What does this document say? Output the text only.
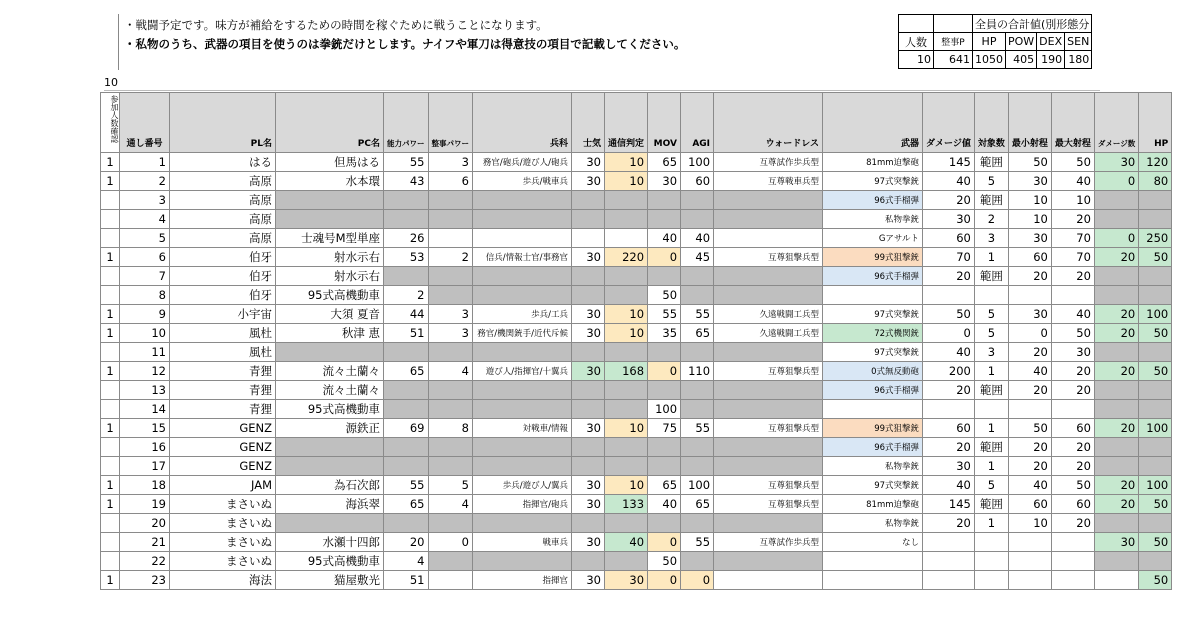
・戦闘予定です。味方が補給をするための時間を稼ぐために戦うことになります。
・私物のうち、武器の項目を使うのは拳銃だけとします。ナイフや軍刀は得意技の項目で記載してください。
		全員の合計値(別形態分			
人数	整事P	HP	POW	DEX	SEN
10	641	1050	405	190	180
10
参加人数確認	通し番号	PL名	PC名	能力パワー	整事パワー	兵科	士気	通信判定	MOV	AGI	ウォードレス	武器	ダメージ値	対象数	最小射程	最大射程	ダメージ数	HP
1	1	はる	但馬はる	55	3	務官/砲兵/遊び人/砲兵	30	10	65	100	互尊試作歩兵型	81mm迫撃砲	145	範囲	50	50	30	120
1	2	高原	水本環	43	6	歩兵/戦車兵	30	10	30	60	互尊戦車兵型	97式突撃銃	40	5	30	40	0	80
	3	高原										96式手榴弾	20	範囲	10	10		
	4	高原										私物拳銃	30	2	10	20		
	5	高原	士魂号M型単座	26					40	40		Gアサルト	60	3	30	70	0	250
1	6	伯牙	射水示右	53	2	信兵/情報士官/事務官	30	220	0	45	互尊狙撃兵型	99式狙撃銃	70	1	60	70	20	50
	7	伯牙	射水示右									96式手榴弾	20	範囲	20	20		
	8	伯牙	95式高機動車	2					50									
1	9	小宇宙	大須 夏音	44	3	歩兵/工兵	30	10	55	55	久遠戦闘工兵型	97式突撃銃	50	5	30	40	20	100
1	10	風杜	秋津 恵	51	3	務官/機関銃手/近代斥候	30	10	35	65	久遠戦闘工兵型	72式機関銃	0	5	0	50	20	50
	11	風杜										97式突撃銃	40	3	20	30		
1	12	青狸	流々土蘭々	65	4	遊び人/指揮官/十翼兵	30	168	0	110	互尊狙撃兵型	0式無反動砲	200	1	40	20	20	50
	13	青狸	流々土蘭々									96式手榴弾	20	範囲	20	20		
	14	青狸	95式高機動車						100									
1	15	GENZ	源鉄正	69	8	対戦車/情報	30	10	75	55	互尊狙撃兵型	99式狙撃銃	60	1	50	60	20	100
	16	GENZ										96式手榴弾	20	範囲	20	20		
	17	GENZ										私物拳銃	30	1	20	20		
1	18	JAM	為石次郎	55	5	歩兵/遊び人/翼兵	30	10	65	100	互尊狙撃兵型	97式突撃銃	40	5	40	50	20	100
1	19	まさいぬ	海浜翠	65	4	指揮官/砲兵	30	133	40	65	互尊狙撃兵型	81mm迫撃砲	145	範囲	60	60	20	50
	20	まさいぬ										私物拳銃	20	1	10	20		
	21	まさいぬ	水瀬十四郎	20	0	戦車兵	30	40	0	55	互尊試作歩兵型	なし					30	50
	22	まさいぬ	95式高機動車	4					50									
1	23	海法	猫屋敷光	51		指揮官	30	30	0	0								50
